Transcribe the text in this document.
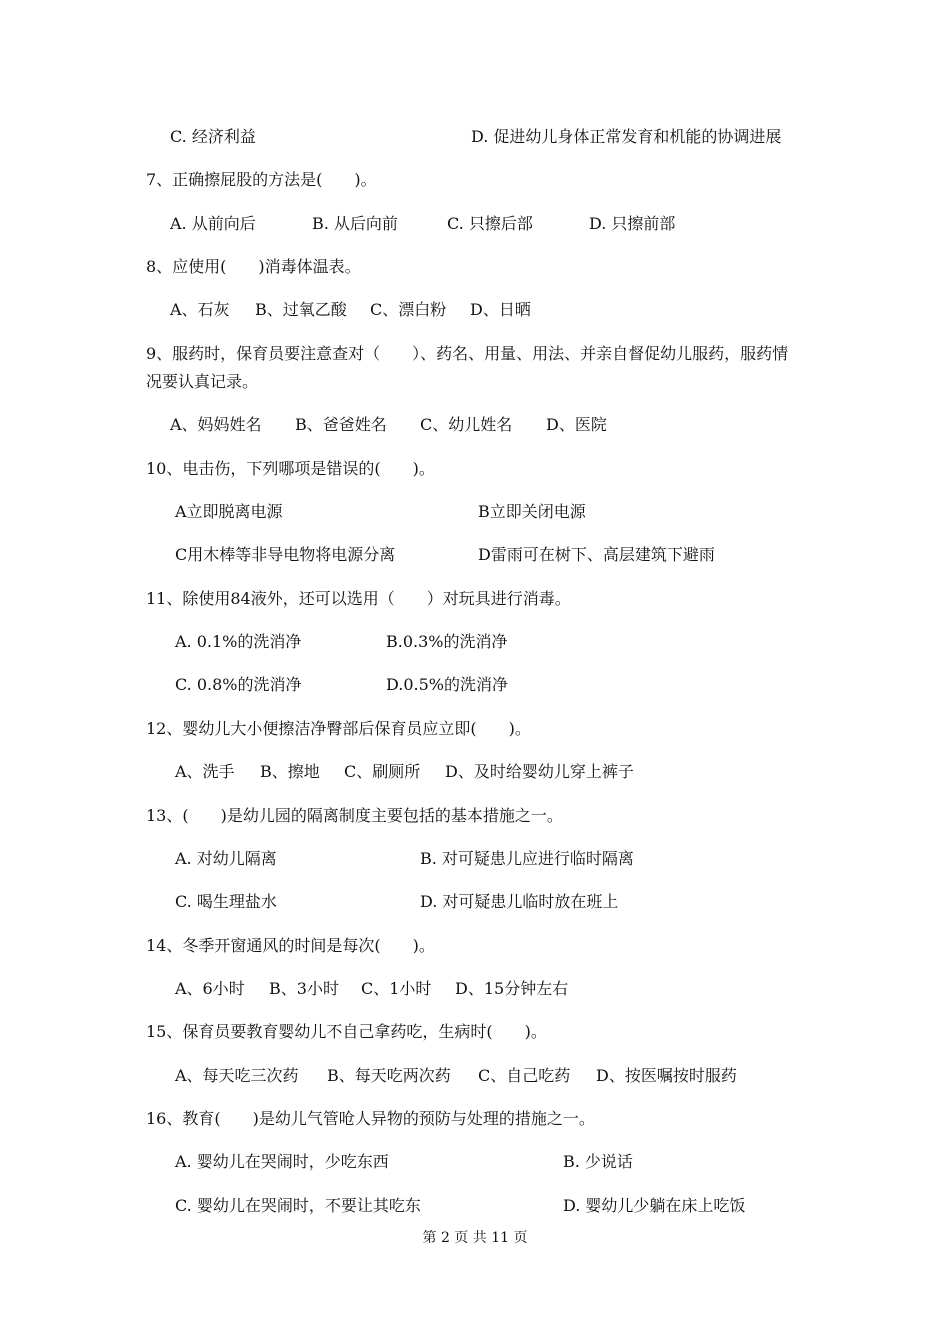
C. 经济利益	D. 促进幼儿身体正常发育和机能的协调进展
7、正确擦屁股的方法是(　　)。
A. 从前向后	B. 从后向前	C. 只擦后部	D. 只擦前部
8、应使用(　　)消毒体温表。
A、石灰 B、过氧乙酸 C、漂白粉 D、日晒
9、服药时，保育员要注意查对（　　）、药名、用量、用法、并亲自督促幼儿服药，服药情
况要认真记录。
A、妈妈姓名 B、爸爸姓名 C、幼儿姓名 D、医院
10、电击伤，下列哪项是错误的(　　)。
A立即脱离电源	B立即关闭电源
C用木棒等非导电物将电源分离	D雷雨可在树下、高层建筑下避雨
11、除使用84液外，还可以选用（　　）对玩具进行消毒。
A. 0.1%的洗消净	B.0.3%的洗消净
C. 0.8%的洗消净	D.0.5%的洗消净
12、婴幼儿大小便擦洁净臀部后保育员应立即(　　)。
A、洗手 B、擦地 C、刷厕所 D、及时给婴幼儿穿上裤子
13、(　　)是幼儿园的隔离制度主要包括的基本措施之一。
A. 对幼儿隔离	B. 对可疑患儿应进行临时隔离
C. 喝生理盐水	D. 对可疑患儿临时放在班上
14、冬季开窗通风的时间是每次(　　)。
A、6小时 B、3小时 C、1小时 D、15分钟左右
15、保育员要教育婴幼儿不自己拿药吃，生病时(　　)。
A、每天吃三次药 B、每天吃两次药 C、自己吃药 D、按医嘱按时服药
16、教育(　　)是幼儿气管呛人异物的预防与处理的措施之一。
A. 婴幼儿在哭闹时，少吃东西	B. 少说话
C. 婴幼儿在哭闹时，不要让其吃东	D. 婴幼儿少躺在床上吃饭
第 2 页 共 11 页
